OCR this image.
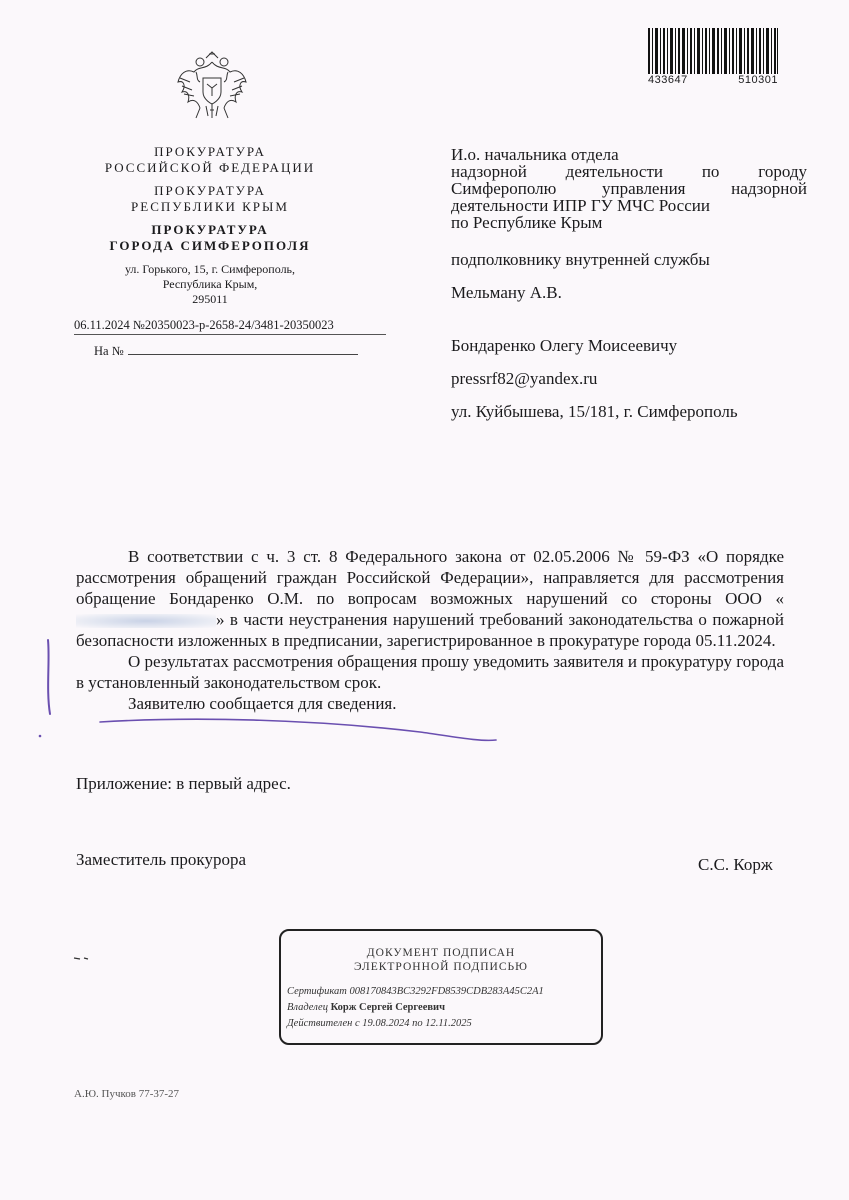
433647	510301
ПРОКУРАТУРА
РОССИЙСКОЙ ФЕДЕРАЦИИ
ПРОКУРАТУРА
РЕСПУБЛИКИ КРЫМ
ПРОКУРАТУРА
ГОРОДА СИМФЕРОПОЛЯ
ул. Горького, 15, г. Симферополь,
Республика Крым,
295011
06.11.2024 №20350023-р-2658-24/3481-20350023
На №
И.о. начальника отдела
надзорной деятельности по городу
Симферополю управления надзорной
деятельности ИПР ГУ МЧС России
по Республике Крым
подполковнику внутренней службы
Мельману А.В.
Бондаренко Олегу Моисеевичу
pressrf82@yandex.ru
ул. Куйбышева, 15/181, г. Симферополь

В соответствии с ч. 3 ст. 8 Федерального закона от 02.05.2006 № 59-ФЗ «О порядке рассмотрения обращений граждан Российской Федерации», направляется для рассмотрения обращение Бондаренко О.М. по вопросам возможных нарушений со стороны ООО «» в части неустранения нарушений требований законодательства о пожарной безопасности изложенных в предписании, зарегистрированное в прокуратуре города 05.11.2024.

О результатах рассмотрения обращения прошу уведомить заявителя и прокуратуру города в установленный законодательством срок.

Заявителю сообщается для сведения.

Приложение: в первый адрес.
Заместитель прокурора	С.С. Корж
ДОКУМЕНТ ПОДПИСАН
ЭЛЕКТРОННОЙ ПОДПИСЬЮ
Сертификат 008170843BC3292FD8539CDB283A45C2A1
Владелец Корж Сергей Сергеевич
Действителен с 19.08.2024 по 12.11.2025
А.Ю. Пучков 77-37-27
